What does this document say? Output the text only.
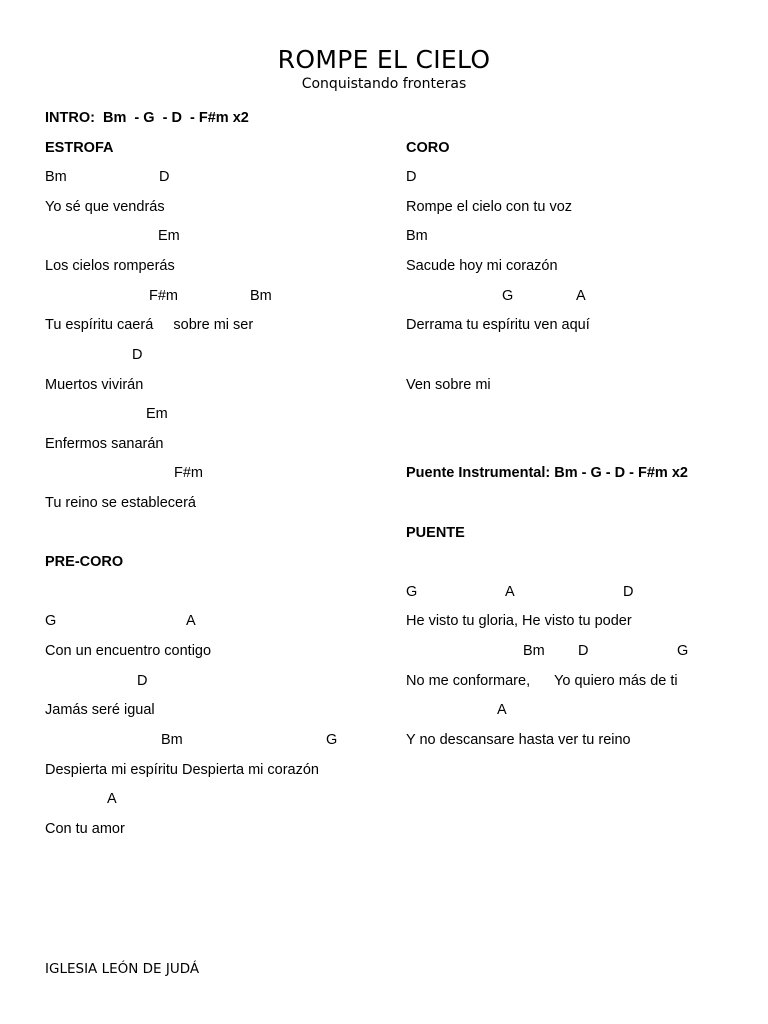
ROMPE EL CIELO

Conquistando fronteras

INTRO:  Bm  - G  - D  - F#m x2
ESTROFA
Bm	D
Yo sé que vendrás
Em
Los cielos romperás
F#m	Bm
Tu espíritu caerá     sobre mi ser
D
Muertos vivirán
Em
Enfermos sanarán
F#m
Tu reino se establecerá
PRE-CORO
G	A
Con un encuentro contigo
D
Jamás seré igual
Bm	G
Despierta mi espíritu Despierta mi corazón
A
Con tu amor
CORO
D
Rompe el cielo con tu voz
Bm
Sacude hoy mi corazón
G	A
Derrama tu espíritu ven aquí
Ven sobre mi
Puente Instrumental: Bm - G - D - F#m x2
PUENTE
G	A	D
He visto tu gloria, He visto tu poder
Bm D	G
No me conformare,      Yo quiero más de ti
A
Y no descansare hasta ver tu reino
IGLESIA LEÓN DE JUDÁ
